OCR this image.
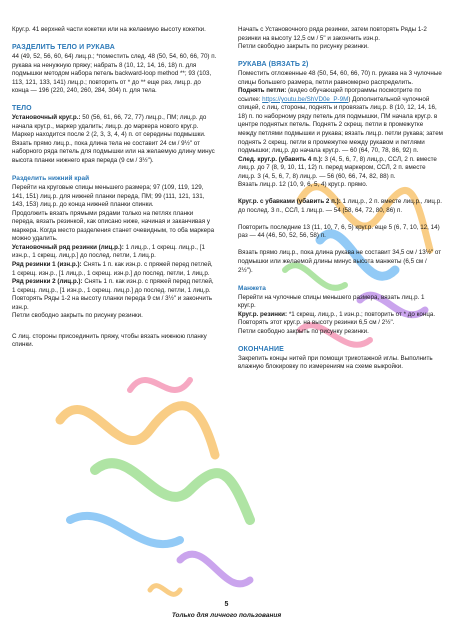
Круг.р. 41 верхней части кокетки или на желаемую высоту кокетки.

РАЗДЕЛИТЬ ТЕЛО И РУКАВА

44 (49, 52, 56, 60, 64) лиц.р.; *поместить след. 48 (50, 54, 60, 66, 70) п. рукава на ненужную пряжу; набрать 8 (10, 12, 14, 16, 18) п. для подмышки методом набора петель backward-loop method **; 93 (103, 113, 121, 133, 141) лиц.р.; повторить от * до ** еще раз, лиц.р. до конца — 196 (220, 240, 260, 284, 304) п. для тела.

ТЕЛО

Установочный круг.р.: 50 (56, 61, 66, 72, 77) лиц.р., ПМ; лиц.р. до начала круг.р., маркер удалить; лиц.р. до маркера нового круг.р. Маркер находится после 2 (2, 3, 3, 4, 4) п. от середины подмышки. Вязать прямо лиц.р., пока длина тела не составит 24 см / 9½" от наборного ряда петель для подмышки или на желаемую длину минус высота планки нижнего края переда (9 см / 3½").

Разделить нижний край

Перейти на круговые спицы меньшего размера; 97 (109, 119, 129, 141, 151) лиц.р. для нижней планки переда, ПМ; 99 (111, 121, 131, 143, 153) лиц.р. до конца нижней планки спинки.

Продолжить вязать прямыми рядами только на петлях планки переда, вязать резинкой, как описано ниже, начиная и заканчивая у маркера. Когда место разделения станет очевидным, то оба маркера можно удалить.

Установочный ряд резинки (лиц.р.): 1 лиц.р., 1 скрещ. лиц.р., [1 изн.р., 1 скрещ. лиц.р.] до послед. петли, 1 лиц.р.

Ряд резинки 1 (изн.р.): Снять 1 п. как изн.р. с пряжей перед петлей, 1 скрещ. изн.р., [1 лиц.р., 1 скрещ. изн.р.] до послед. петли, 1 лиц.р.

Ряд резинки 2 (лиц.р.): Снять 1 п. как изн.р. с пряжей перед петлей, 1 скрещ. лиц.р., [1 изн.р., 1 скрещ. лиц.р.] до послед. петли, 1 лиц.р.

Повторять Ряды 1-2 на высоту планки переда 9 см / 3½" и закончить изн.р.

Петли свободно закрыть по рисунку резинки.

С лиц. стороны присоединить пряжу, чтобы вязать нижнюю планку спинки.

Начать с Установочного ряда резинки, затем повторять Ряды 1-2 резинки на высоту 12,5 см / 5" и закончить изн.р.

Петли свободно закрыть по рисунку резинки.

РУКАВА (ВЯЗАТЬ 2)

Поместить отложенные 48 (50, 54, 60, 66, 70) п. рукава на 3 чулочные спицы большего размера, петли равномерно распределить.

Поднять петли: (видео обучающей программы посмотрите по ссылке: https://youtu.be/ShVD0e_P-9M) Дополнительной чулочной спицей, с лиц. стороны, поднять и провязать лиц.р. 8 (10, 12, 14, 16, 18) п. по наборному ряду петель для подмышки, ПМ начала круг.р. в центре поднятых петель. Поднять 2 скрещ. петли в промежутке между петлями подмышки и рукава; вязать лиц.р. петли рукава; затем поднять 2 скрещ. петли в промежутке между рукавом и петлями подмышки; лиц.р. до начала круг.р. — 60 (64, 70, 78, 86, 92) п.

След. круг.р. (убавить 4 п.): 3 (4, 5, 6, 7, 8) лиц.р., ССЛ, 2 п. вместе лиц.р. до 7 (8, 9, 10, 11, 12) п. перед маркером, ССЛ, 2 п. вместе лиц.р. 3 (4, 5, 6, 7, 8) лиц.р. — 56 (60, 66, 74, 82, 88) п.

Вязать лиц.р. 12 (10, 9, 6, 5, 4) круг.р. прямо.

Круг.р. с убавками (убавить 2 п.): 1 лиц.р., 2 п. вместе лиц.р., лиц.р. до послед. 3 п., ССЛ, 1 лиц.р. — 54 (58, 64, 72, 80, 86) п.

Повторить последние 13 (11, 10, 7, 6, 5) круг.р. еще 5 (6, 7, 10, 12, 14) раз — 44 (46, 50, 52, 56, 58) п.

Вязать прямо лиц.р., пока длина рукава не составит 34,5 см / 13½" от подмышки или желаемой длины минус высота манжеты (6,5 см / 2½").

Манжета

Перейти на чулочные спицы меньшего размера, вязать лиц.р. 1 круг.р.

Круг.р. резинки: *1 скрещ. лиц.р., 1 изн.р.; повторить от * до конца.

Повторять этот круг.р. на высоту резинки 6,5 см / 2½".

Петли свободно закрыть по рисунку резинки.

ОКОНЧАНИЕ

Закрепить концы нитей при помощи трикотажной иглы. Выполнить влажную блокировку по измерениям на схеме выкройки.

5
Только для личного пользования
